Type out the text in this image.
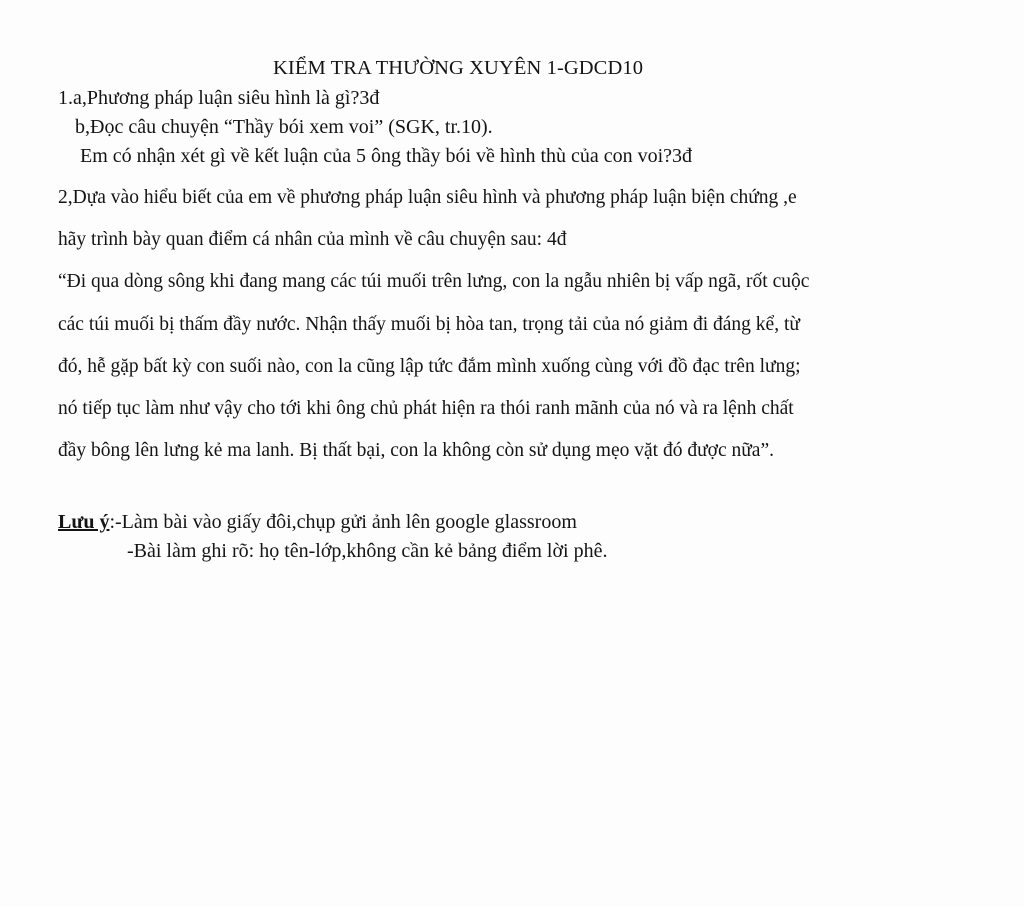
KIỂM TRA THƯỜNG XUYÊN 1-GDCD10
1.a,Phương pháp luận siêu hình là gì?3đ
b,Đọc câu chuyện “Thầy bói xem voi” (SGK, tr.10).
Em có nhận xét gì về kết luận của 5 ông thầy bói về hình thù của con voi?3đ
2,Dựa vào hiểu biết của em về phương pháp luận siêu hình và phương pháp luận biện chứng ,e
hãy trình bày quan điểm cá nhân của mình về câu chuyện sau: 4đ
“Đi qua dòng sông khi đang mang các túi muối trên lưng, con la ngẫu nhiên bị vấp ngã, rốt cuộc
các túi muối bị thấm đầy nước. Nhận thấy muối bị hòa tan, trọng tải của nó giảm đi đáng kể, từ
đó, hễ gặp bất kỳ con suối nào, con la cũng lập tức đắm mình xuống cùng với đồ đạc trên lưng;
nó tiếp tục làm như vậy cho tới khi ông chủ phát hiện ra thói ranh mãnh của nó và ra lệnh chất
đầy bông lên lưng kẻ ma lanh. Bị thất bại, con la không còn sử dụng mẹo vặt đó được nữa”.
Lưu ý:-Làm bài vào giấy đôi,chụp gửi ảnh lên google glassroom
-Bài làm ghi rõ: họ tên-lớp,không cần kẻ bảng điểm lời phê.
